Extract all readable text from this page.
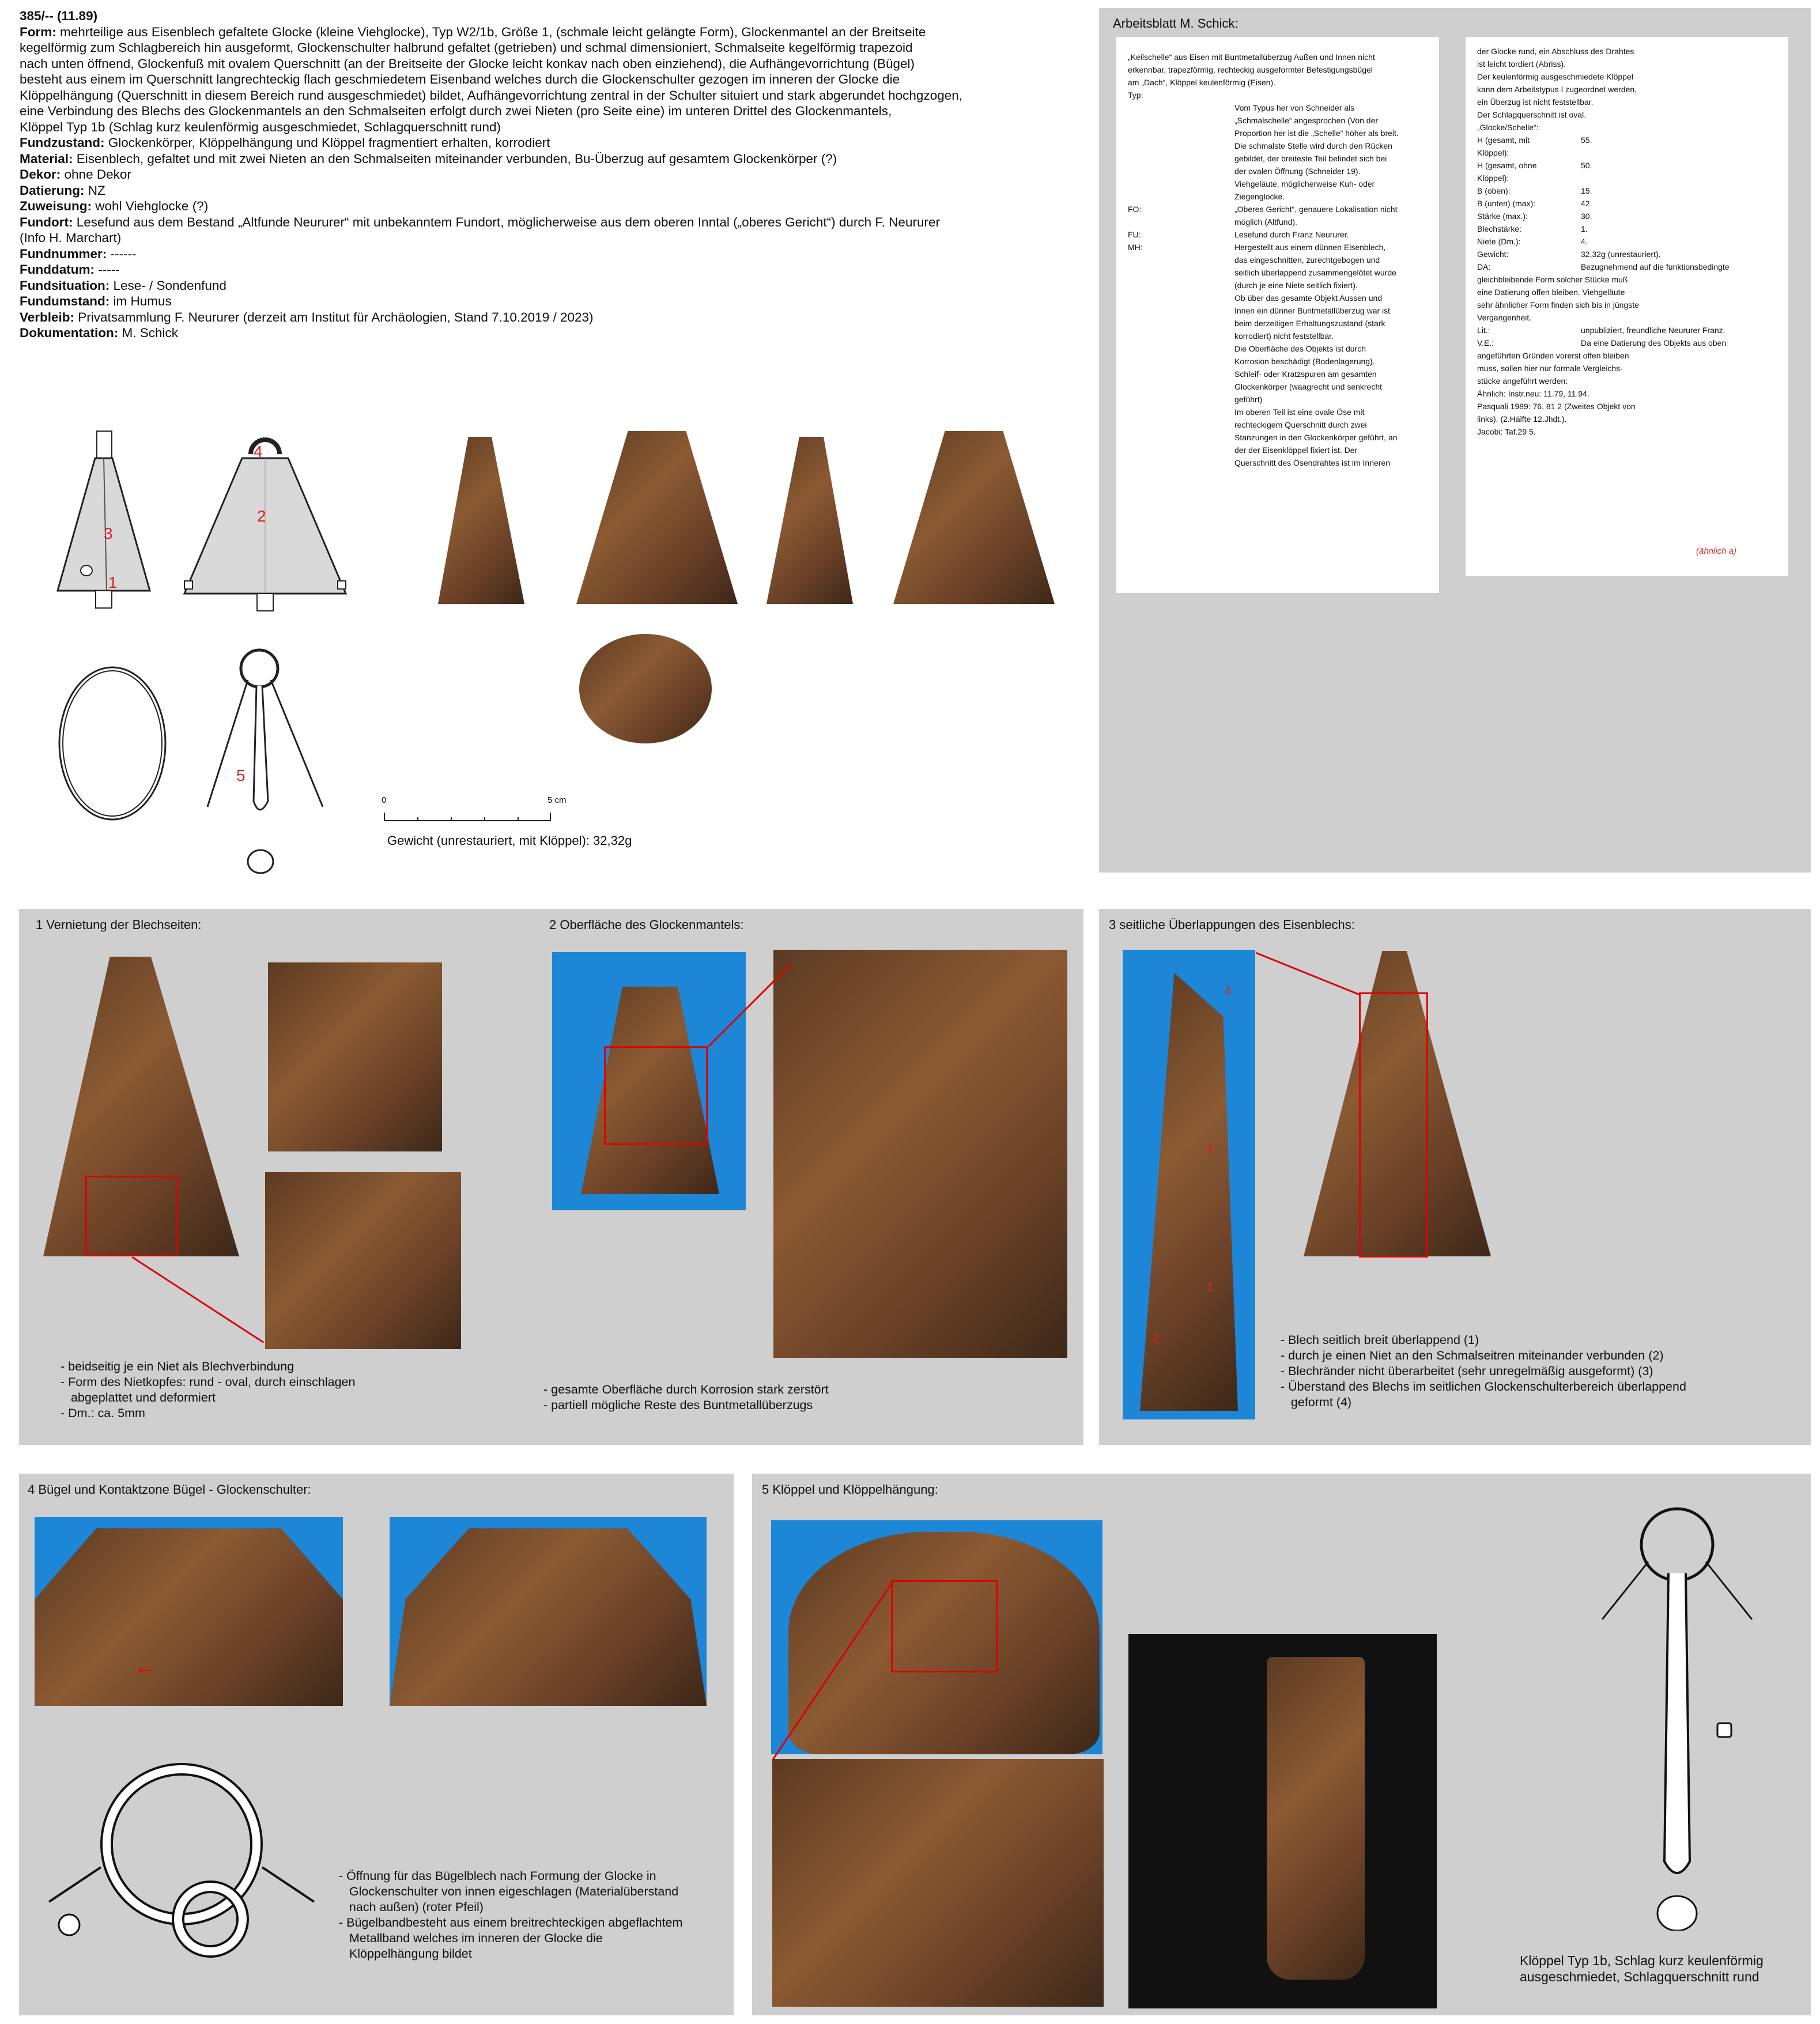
385/-- (11.89)
Form: mehrteilige aus Eisenblech gefaltete Glocke (kleine Viehglocke), Typ W2/1b, Größe 1, (schmale leicht gelängte Form), Glockenmantel an der Breitseite
kegelförmig zum Schlagbereich hin ausgeformt, Glockenschulter halbrund gefaltet (getrieben) und schmal dimensioniert, Schmalseite kegelförmig trapezoid
nach unten öffnend, Glockenfuß mit ovalem Querschnitt (an der Breitseite der Glocke leicht konkav nach oben einziehend), die Aufhängevorrichtung (Bügel)
besteht aus einem im Querschnitt langrechteckig flach geschmiedetem Eisenband welches durch die Glockenschulter gezogen im inneren der Glocke die
Klöppelhängung (Querschnitt in diesem Bereich rund ausgeschmiedet) bildet, Aufhängevorrichtung zentral in der Schulter situiert und stark abgerundet hochgzogen,
eine Verbindung des Blechs des Glockenmantels an den Schmalseiten erfolgt durch zwei Nieten (pro Seite eine) im unteren Drittel des Glockenmantels,
Klöppel Typ 1b (Schlag kurz keulenförmig ausgeschmiedet, Schlagquerschnitt rund)
Fundzustand: Glockenkörper, Klöppelhängung und Klöppel fragmentiert erhalten, korrodiert
Material: Eisenblech, gefaltet und mit zwei Nieten an den Schmalseiten miteinander verbunden, Bu-Überzug auf gesamtem Glockenkörper (?)
Dekor: ohne Dekor
Datierung: NZ
Zuweisung: wohl Viehglocke (?)
Fundort: Lesefund aus dem Bestand „Altfunde Neururer“ mit unbekanntem Fundort, möglicherweise aus dem oberen Inntal („oberes Gericht“) durch F. Neururer
(Info H. Marchart)
Fundnummer: ------
Funddatum: -----
Fundsituation: Lese- / Sondenfund
Fundumstand: im Humus
Verbleib: Privatsammlung F. Neururer (derzeit am Institut für Archäologien, Stand 7.10.2019 / 2023)
Dokumentation: M. Schick
3
1
4
2
5
0	5 cm
Gewicht (unrestauriert, mit Klöppel): 32,32g
Arbeitsblatt M. Schick:
„Keilschelle“ aus Eisen mit Buntmetallüberzug Außen und Innen nicht
erkennbar, trapezförmig, rechteckig ausgeformter Befestigungsbügel
am „Dach“, Klöppel keulenförmig (Eisen).
Typ:
Vom Typus her von Schneider als
„Schmalschelle“ angesprochen (Von der
Proportion her ist die „Schelle“ höher als breit.
Die schmalste Stelle wird durch den Rücken
gebildet, der breiteste Teil befindet sich bei
der ovalen Öffnung (Schneider 19).
Viehgeläute, möglicherweise Kuh- oder
Ziegenglocke.
FO:	„Oberes Gericht“, genauere Lokalisation nicht
möglich (Altfund).
FU:	Lesefund durch Franz Neururer.
MH:	Hergestellt aus einem dünnen Eisenblech,
das eingeschnitten, zurechtgebogen und
seitlich überlappend zusammengelötet wurde
(durch je eine Niete seitlich fixiert).
Ob über das gesamte Objekt Aussen und
Innen ein dünner Buntmetallüberzug war ist
beim derzeitigen Erhaltungszustand (stark
korrodiert) nicht feststellbar.
Die Oberfläche des Objekts ist durch
Korrosion beschädigt (Bodenlagerung).
Schleif- oder Kratzspuren am gesamten
Glockenkörper (waagrecht und senkrecht
geführt)
Im oberen Teil ist eine ovale Öse mit
rechteckigem Querschnitt durch zwei
Stanzungen in den Glockenkörper geführt, an
der der Eisenklöppel fixiert ist. Der
Querschnitt des Ösendrahtes ist im Inneren
der Glocke rund, ein Abschluss des Drahtes
ist leicht tordiert (Abriss).
Der keulenförmig ausgeschmiedete Klöppel
kann dem Arbeitstypus I zugeordnet werden,
ein Überzug ist nicht feststellbar.
Der Schlagquerschnitt ist oval.
„Glocke/Schelle“:
H (gesamt, mit	55.
Klöppel):
H (gesamt, ohne	50.
Klöppel):
B (oben):	15.
B (unten) (max):	42.
Stärke (max.):	30.
Blechstärke:	1.
Niete (Dm.):	4.
Gewicht:	32,32g (unrestauriert).
DA:	Bezugnehmend auf die funktionsbedingte
gleichbleibende Form solcher Stücke muß
eine Datierung offen bleiben. Viehgeläute
sehr ähnlicher Form finden sich bis in jüngste
Vergangenheit.
Lit.:	unpubliziert, freundliche Neururer Franz.
V.E.:	Da eine Datierung des Objekts aus oben
angeführten Gründen vorerst offen bleiben
muss, sollen hier nur formale Vergleichs-
stücke angeführt werden:
Ähnlich: Instr.neu: 11.79, 11.94.
Pasquali 1989: 76, 81 2 (Zweites Objekt von
links), (2.Hälfte 12.Jhdt.).
Jacobi: Taf.29 5.
(ähnlich a)
1 Vernietung der Blechseiten:
- beidseitig je ein Niet als Blechverbindung
- Form des Nietkopfes: rund - oval, durch einschlagen
abgeplattet und deformiert
- Dm.: ca. 5mm
2 Oberfläche des Glockenmantels:
- gesamte Oberfläche durch Korrosion stark zerstört
- partiell mögliche Reste des Buntmetallüberzugs
3 seitliche Überlappungen des Eisenblechs:
4
3
1
2	- Blech seitlich breit überlappend (1)
- durch je einen Niet an den Schmalseitren miteinander verbunden (2)
- Blechränder nicht überarbeitet (sehr unregelmäßig ausgeformt) (3)
- Überstand des Blechs im seitlichen Glockenschulterbereich überlappend
geformt (4)
4 Bügel und Kontaktzone Bügel - Glockenschulter:
←
- Öffnung für das Bügelblech nach Formung der Glocke in
Glockenschulter von innen eigeschlagen (Materialüberstand
nach außen) (roter Pfeil)
- Bügelbandbesteht aus einem breitrechteckigen abgeflachtem
Metallband welches im inneren der Glocke die
Klöppelhängung bildet
5 Klöppel und Klöppelhängung:
Klöppel Typ 1b, Schlag kurz keulenförmig
ausgeschmiedet, Schlagquerschnitt rund
